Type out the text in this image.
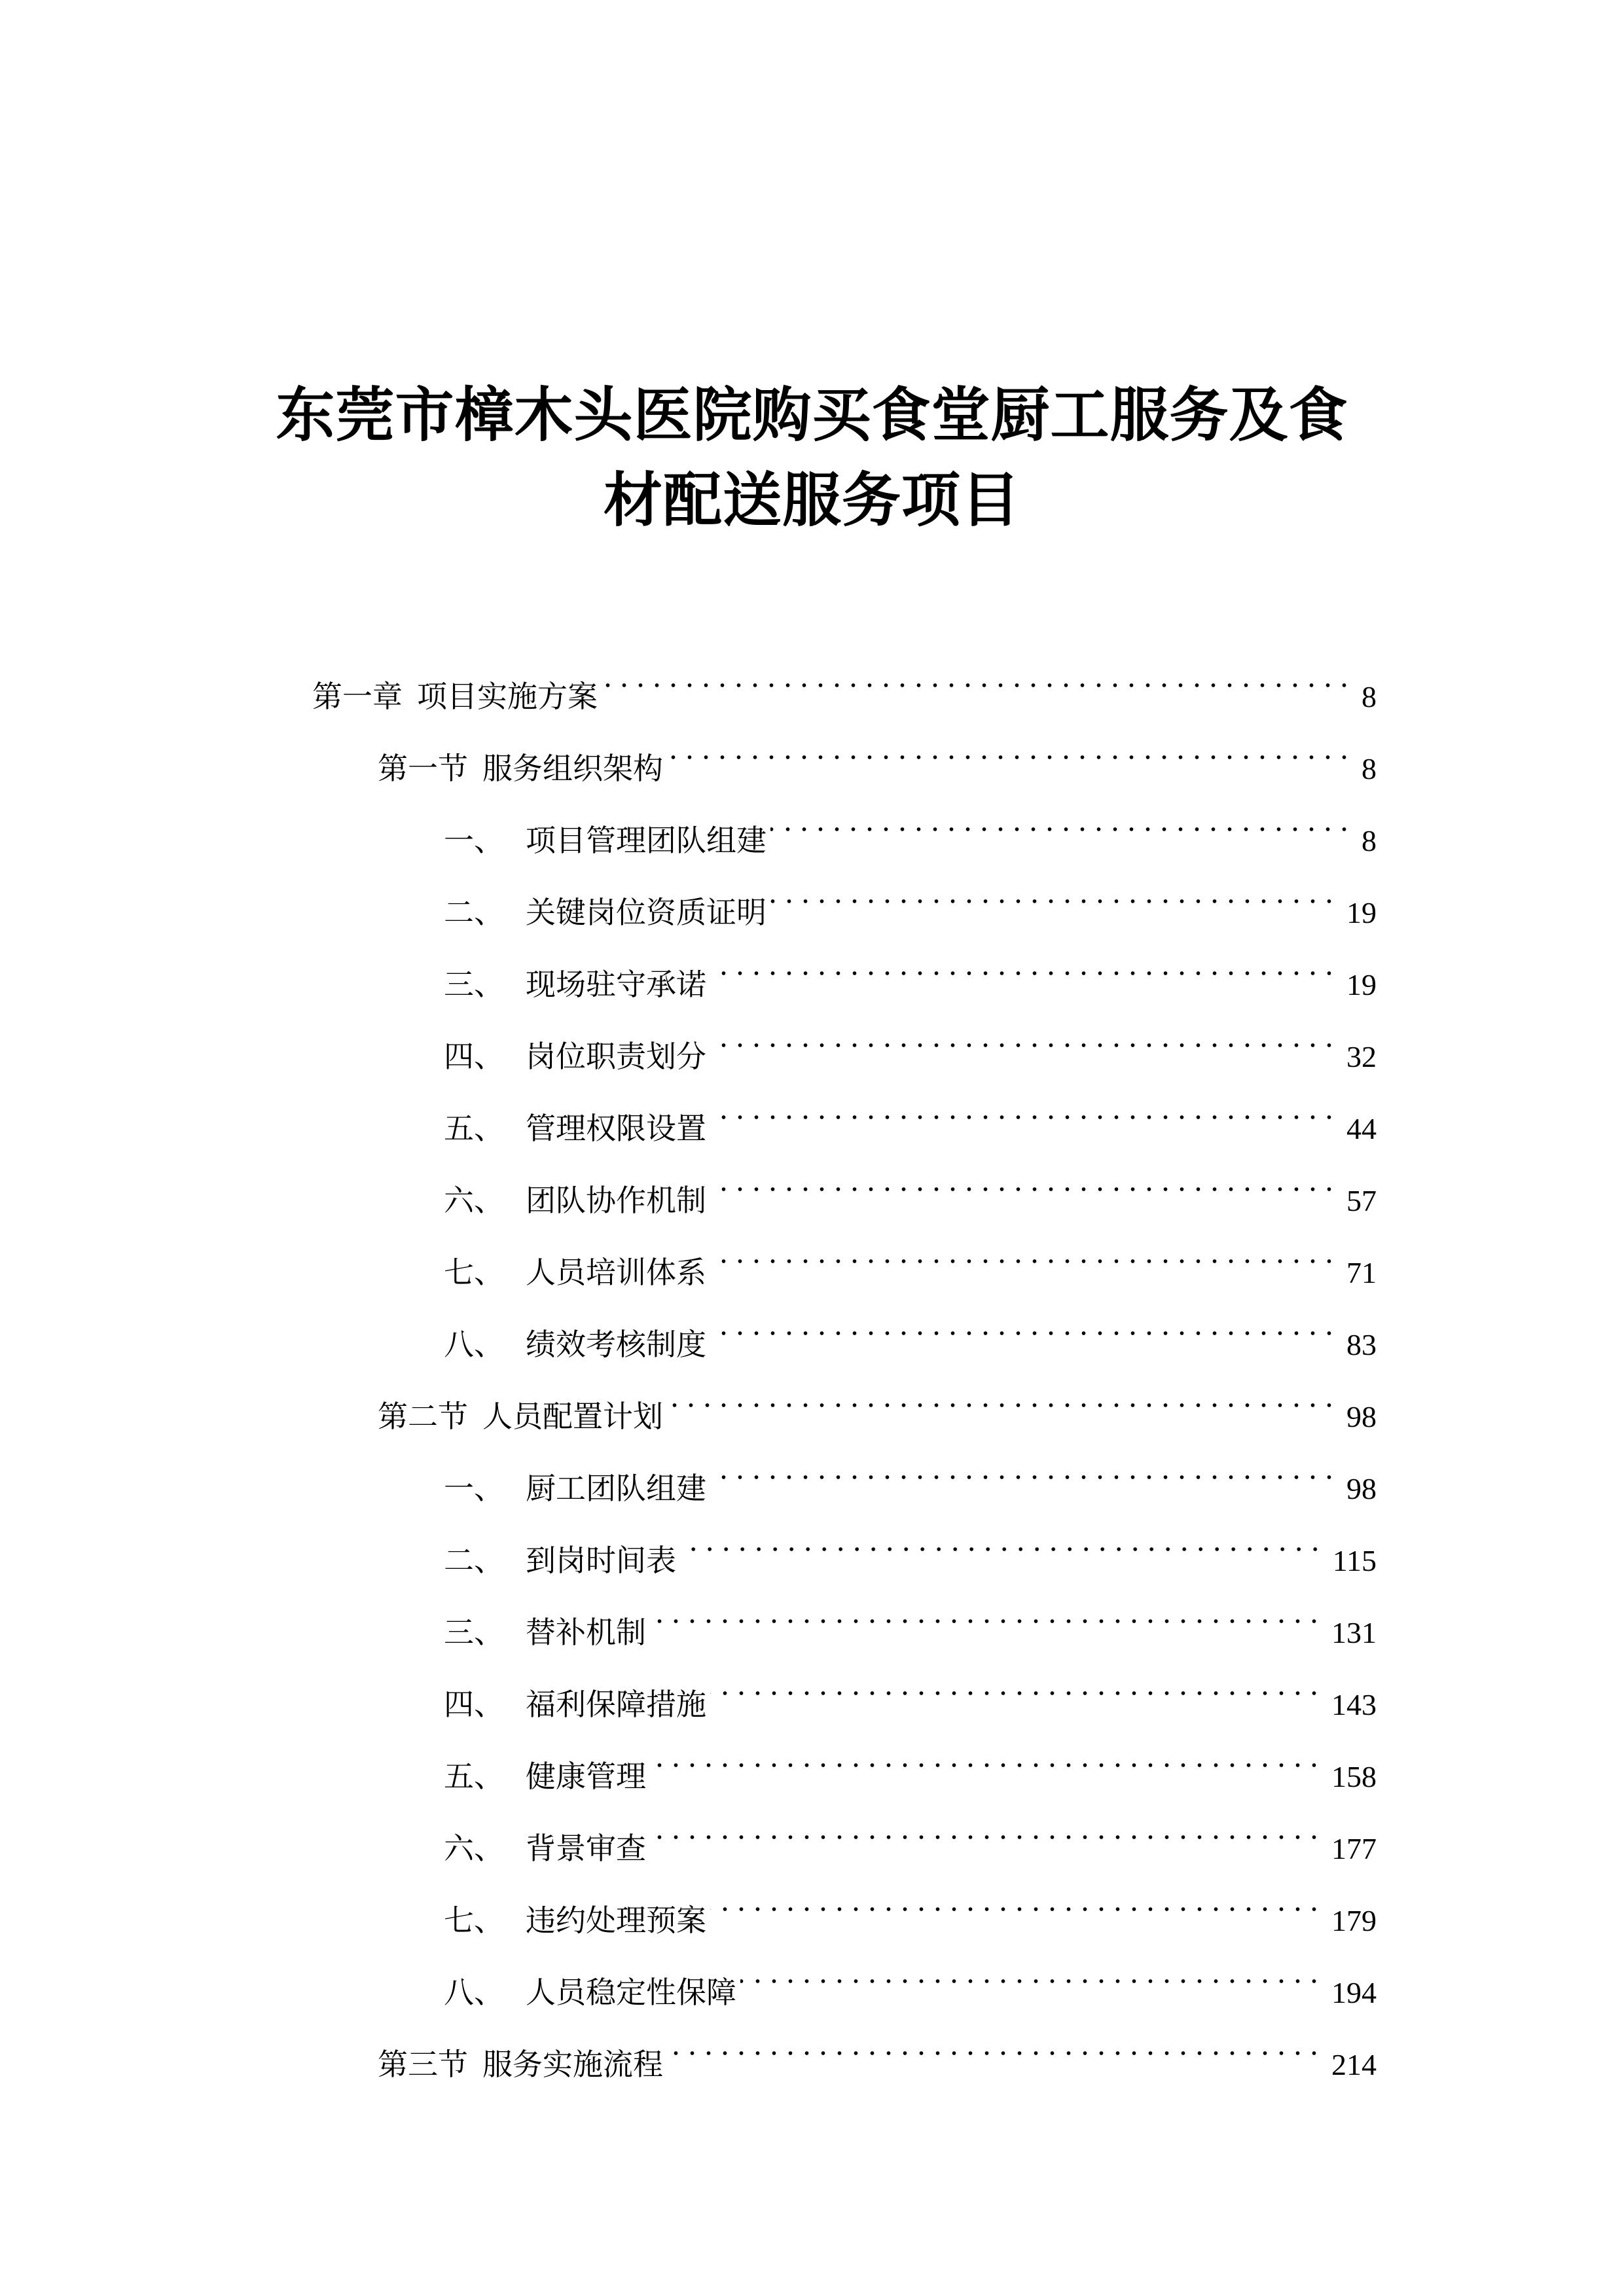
东莞市樟木头医院购买食堂厨工服务及食
材配送服务项目
第一章 项目实施方案	8
第一节 服务组织架构	8
一、 项目管理团队组建	8
二、 关键岗位资质证明	19
三、 现场驻守承诺	19
四、 岗位职责划分	32
五、 管理权限设置	44
六、 团队协作机制	57
七、 人员培训体系	71
八、 绩效考核制度	83
第二节 人员配置计划	98
一、 厨工团队组建	98
二、 到岗时间表	115
三、 替补机制	131
四、 福利保障措施	143
五、 健康管理	158
六、 背景审查	177
七、 违约处理预案	179
八、 人员稳定性保障	194
第三节 服务实施流程	214
